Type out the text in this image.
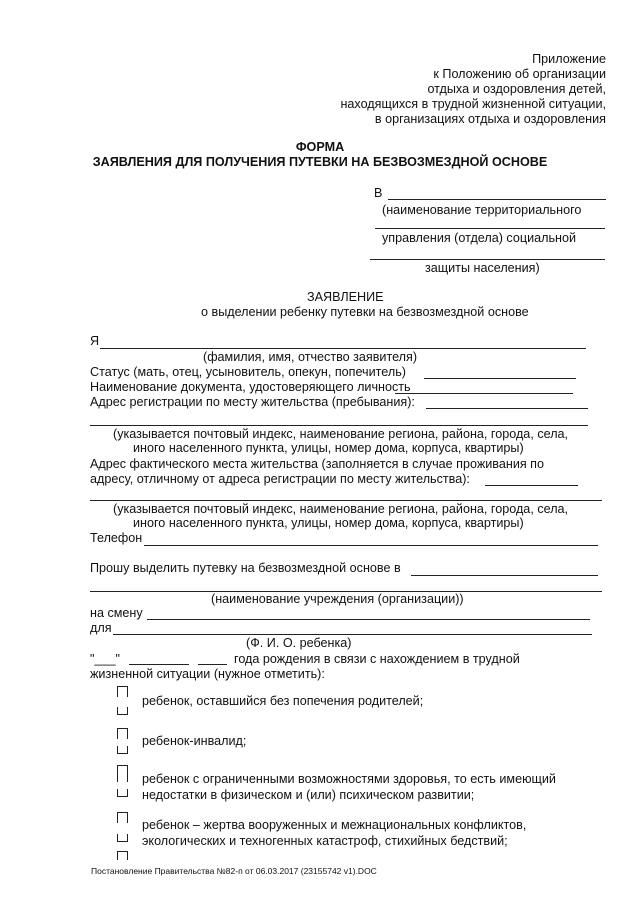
Приложение
к Положению об организации
отдыха и оздоровления детей,
находящихся в трудной жизненной ситуации,
в организациях отдыха и оздоровления
ФОРМА
ЗАЯВЛЕНИЯ ДЛЯ ПОЛУЧЕНИЯ ПУТЕВКИ НА БЕЗВОЗМЕЗДНОЙ ОСНОВЕ
В
(наименование территориального
управления (отдела) социальной
защиты населения)
ЗАЯВЛЕНИЕ
о выделении ребенку путевки на безвозмездной основе
Я
(фамилия, имя, отчество заявителя)
Статус (мать, отец, усыновитель, опекун, попечитель)
Наименование документа, удостоверяющего личность
Адрес регистрации по месту жительства (пребывания):
(указывается почтовый индекс, наименование региона, района, города, села,
иного населенного пункта, улицы, номер дома, корпуса, квартиры)
Адрес фактического места жительства (заполняется в случае проживания по
адресу, отличному от адреса регистрации по месту жительства):
(указывается почтовый индекс, наименование региона, района, города, села,
иного населенного пункта, улицы, номер дома, корпуса, квартиры)
Телефон
Прошу выделить путевку на безвозмездной основе в
(наименование учреждения (организации))
на смену
для
(Ф. И. О. ребенка)
"___"	года рождения в связи с нахождением в трудной
жизненной ситуации (нужное отметить):
ребенок, оставшийся без попечения родителей;
ребенок-инвалид;
ребенок с ограниченными возможностями здоровья, то есть имеющий
недостатки в физическом и (или) психическом развитии;
ребенок – жертва вооруженных и межнациональных конфликтов,
экологических и техногенных катастроф, стихийных бедствий;
Постановление Правительства №82-п от 06.03.2017 (23155742 v1).DOC
